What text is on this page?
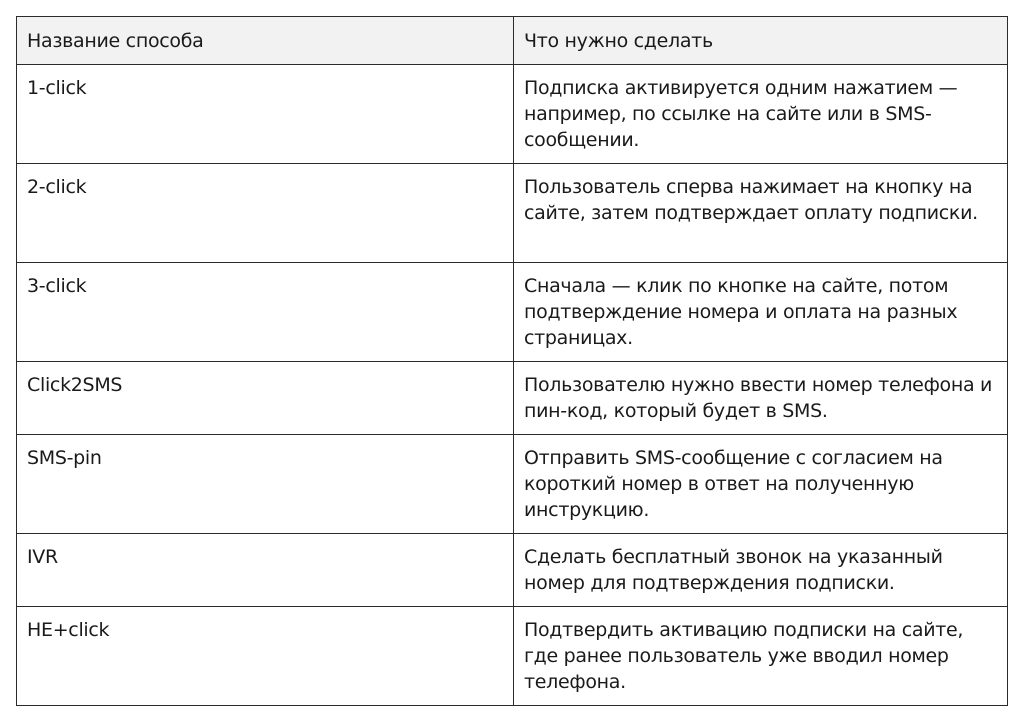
Название способа	Что нужно сделать
1-click	Подписка активируется одним нажатием — например, по ссылке на сайте или в SMS-сообщении.
2-click	Пользователь сперва нажимает на кнопку на сайте, затем подтверждает оплату подписки.
3-click	Сначала — клик по кнопке на сайте, потом подтверждение номера и оплата на разных страницах.
Click2SMS	Пользователю нужно ввести номер телефона и пин-код, который будет в SMS.
SMS-pin	Отправить SMS-сообщение с согласием на короткий номер в ответ на полученную инструкцию.
IVR	Сделать бесплатный звонок на указанный номер для подтверждения подписки.
HE+click	Подтвердить активацию подписки на сайте, где ранее пользователь уже вводил номер телефона.
